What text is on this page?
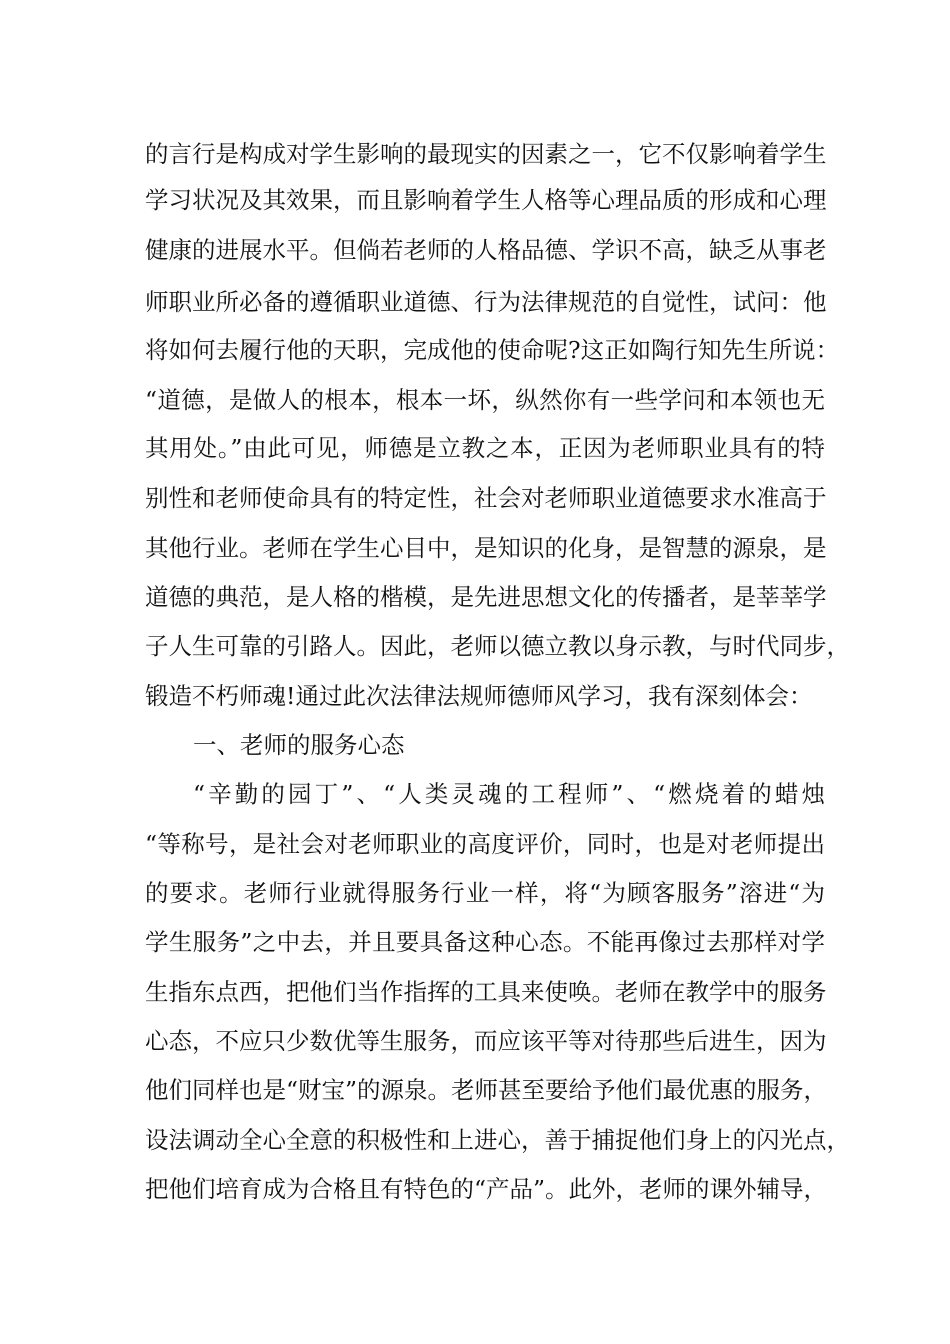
的言行是构成对学生影响的最现实的因素之一，它不仅影响着学生
学习状况及其效果，而且影响着学生人格等心理品质的形成和心理
健康的进展水平。但倘若老师的人格品德、学识不高，缺乏从事老
师职业所必备的遵循职业道德、行为法律规范的自觉性，试问：他
将如何去履行他的天职，完成他的使命呢?这正如陶行知先生所说：
“道德，是做人的根本，根本一坏，纵然你有一些学问和本领也无
其用处。”由此可见，师德是立教之本，正因为老师职业具有的特
别性和老师使命具有的特定性，社会对老师职业道德要求水准高于
其他行业。老师在学生心目中，是知识的化身，是智慧的源泉，是
道德的典范，是人格的楷模，是先进思想文化的传播者，是莘莘学
子人生可靠的引路人。因此，老师以德立教以身示教，与时代同步，
锻造不朽师魂!通过此次法律法规师德师风学习，我有深刻体会：
一、老师的服务心态
“辛勤的园丁”、“人类灵魂的工程师”、“燃烧着的蜡烛
“等称号，是社会对老师职业的高度评价，同时，也是对老师提出
的要求。老师行业就得服务行业一样，将“为顾客服务”溶进“为
学生服务”之中去，并且要具备这种心态。不能再像过去那样对学
生指东点西，把他们当作指挥的工具来使唤。老师在教学中的服务
心态，不应只少数优等生服务，而应该平等对待那些后进生，因为
他们同样也是“财宝”的源泉。老师甚至要给予他们最优惠的服务，
设法调动全心全意的积极性和上进心，善于捕捉他们身上的闪光点，
把他们培育成为合格且有特色的“产品”。此外，老师的课外辅导，
